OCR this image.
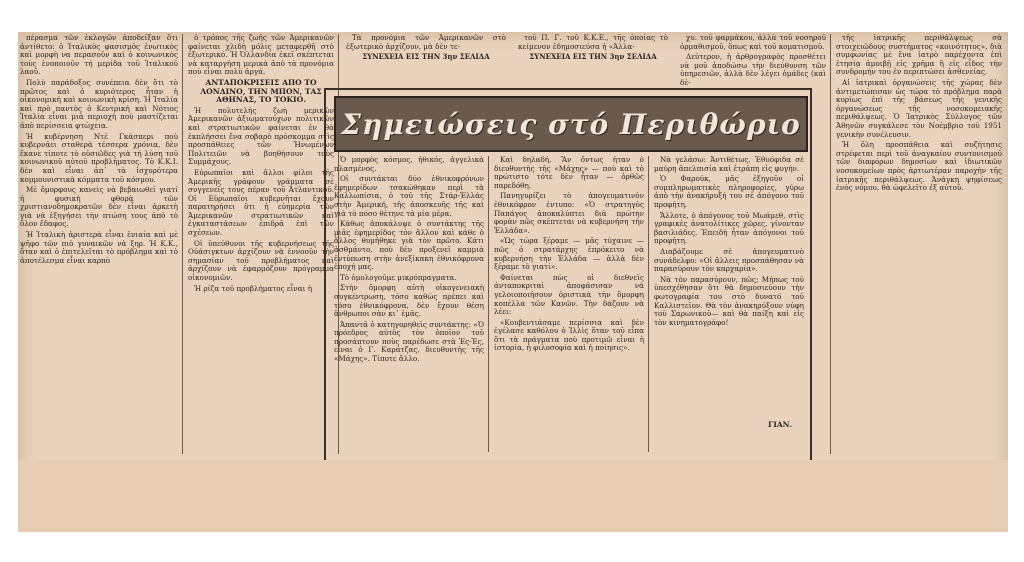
πέρασμα τῶν ἐκλογῶν ἀποδείξαν ὅτι ἀντίθετο: ὁ Ἰταλικὸς φασισμὸς ἐνωτικὸς καὶ μορφὴ να περασοῦν καὶ ὁ κοινωνικὸς τοὺς ἑνοποιοῦν τή μερίδα τοῦ Ἰταλικοῦ λαοῦ.

Πολὺ παράδοξος συνέπεια δὲν ὅτι τὸ πρῶτος καὶ ὁ κυριότερος ἦταν ἡ οἰκονομική καὶ κοινωνικὴ κρίση. Ἡ Ἰταλία καὶ πρὸ παντὸς ὁ Κεντρικὴ καὶ Νότιος Ἰταλία εἶναι μιὰ περιοχὴ ποὺ μαστίζεται ἀπὸ περίσσεια φτώχεια.

Ἡ κυβέρνηση Ντὲ Γκάσπερι ποὺ κυβερνᾶει σταθερὰ τέσσερα χρόνια, δὲν ἔκανε τίποτε τὸ οὐσιῶδες γιὰ τὴ λύση τοῦ κοινωνικοῦ αὐτοῦ προβλήματος. Τὸ Κ.Κ.Ι. δὲν καὶ εἶναι ἀπ᾽ τὰ ἰσχυρότερα κομμουνιστικὰ κόμματα τοῦ κόσμου.

Μὲ ὅμορφους κανεὶς νὰ βεβαιωθεῖ γιατί ἡ φυσικὴ φθορὰ τῶν χριστιανοδημοκρατῶν δὲν εἶναι ἀρκετὴ γιὰ νὰ ἐξηγήσει τὴν πτώση τους ἀπὸ τὸ ὅλον ἔδαφος.

Ἡ Ἰταλικὴ ἀριστερὰ εἶναι ἑνιαία καὶ μὲ ψῆφο τῶν πιὸ γυναικῶν νὰ ξηρ. Ἡ Κ.Κ., ὅταν καὶ ὁ ἐπιτελεῖται τὸ πρόβλημα καὶ τὸ ἀποτέλεσμα εἶναι καρπὸ

ὁ τρόπος τῆς ζωῆς τῶν Ἀμερικανῶν φαίνεται χλιδὴ μόλις μεταφερθῆ στὸ ἐξωτερικό. Ἡ Ὀλλανδία ἐκεῖ σκέπτεται νὰ καταργήση μερικὰ ἀπὸ τὰ προνόμια ποὺ εἶναι πολὺ ἀργά.

ΑΝΤΑΠΟΚΡΙΣΕΙΣ ΑΠΟ ΤΟ ΛΟΝΔΙΝΟ, ΤΗΝ ΜΠΟΝ, ΤΑΣ ΑΘΗΝΑΣ, ΤΟ ΤΟΚΙΟ.

Ἡ πολυτελὴς ζωὴ μερικῶν Ἀμερικανῶν ἀξιωματούχων πολιτικῶν καὶ στρατιωτικῶν φαίνεται ἐν θὰ ἐκπλήσσει ἕνα σοβαρὸ πρόσκομμα στὶς προσπάθειες τῶν Ἡνωμένων Πολιτειῶν νὰ βοηθήσουν τοὺς Συμμάχους.

Εὐρωπαῖοι καὶ ἄλλοι φίλοι τῆς Ἀμερικῆς γράφουν γράμματα σὲ συγγενεῖς τους πέραν τοῦ Ἀτλαντικοῦ. Οἱ Εὐρωπαῖοι κυβερνῆται ἔχουν παρατηρήσει ὅτι ἡ εὐημερία τῶν Ἀμερικανῶν στρατιωτικῶν καὶ ἐγκαταστάσεων ἐπιδρᾶ ἐπὶ τῶν σχέσεων.

Οἱ ὑπεύθυνοι τῆς κυβερνήσεως τῆς Οὐάσιγκτων ἀρχίζουν νὰ ἐννοοῦν τὴν σημασίαν τοῦ προβλήματος καὶ ἀρχίζουν νὰ ἐφαρμόζουν πρόγραμμα οἰκονομιῶν.

Ἡ ρίζα τοῦ προβλήματος εἶναι ἡ

Τὰ προνόμια τῶν Ἀμερικανῶν στὸ ἐξωτερικὸ ἀρχίζουν, μὰ δὲν τε-

ΣΥΝΕΧΕΙΑ ΕΙΣ ΤΗΝ 3ην ΣΕΛΙΔΑ

τοῦ Π. Γ. τοῦ Κ.Κ.Ε., τῆς ὁποίας τὸ κείμενον ἐδημοσιεύσα ἡ «Ἀλλα-

ΣΥΝΕΧΕΙΑ ΕΙΣ ΤΗΝ 3ην ΣΕΛΙΔΑ

Σημειώσεις στό Περιθώριο

Ὁ μορφὸς κόσμος, ἠθικός, ἀγγελικὰ πλασμένος.

Οἱ συντάκται δύο ἐθνικοφρόνων ἐφημερίδων τσακώθηκαν περὶ τὰ Καλλωπίσια, ὁ τοῦ τῆς Στάρ-Ἑλλάς στὴν Ἀμερική, τῆς ἀποσκευῆς τῆς καὶ γιὰ τὸ πόσο θέτηνε τὰ μία μέρα.

Κάθως ἀποκάλυψε ὁ συντάκτης τῆς μιᾶς ἐφημερίδος τὸν ἄλλον καὶ κάθε ὁ ἄλλος θυμήθηκε γιὰ τὸν πρῶτο. Κάτι ἀσθμάντο, ποὺ δὲν προξενεῖ καμμιὰ ἐντύπωση στὴν ἀνεξίκακη ἐθνικόφρονα ἐποχή μας.

Τὸ ὁμολογοῦμε μικρόπραγματα.

Στὴν ὄμορφη αὐτὴ οἰκογενειακὴ συγκέντρωση, τόσο καθὼς πρέπει καὶ τόσο ἐθνικόφρονα, δὲν ἔχουν θέση ἄνθρωποι σὰν κι᾽ ἐμᾶς.

Ἀπαντᾶ ὁ κατηγορηθεὶς συντάκτης: «Ὁ πρόεδρος αὐτὸς τὸν ὁποῖον τοῦ προσάπτουν ποὺς παρέδωσε στὰ Ἐς-Ἐς, εἶναι ὁ Γ. Καράτζας, διευθυντὴς τῆς «Μάχης». Τίποτε ἄλλο.

Καὶ δηλαδή. Ἂν ὄντως ἦταν ὁ διευθυντὴς τῆς «Μάχης» — ποὺ καὶ τὸ πρώτιστο τότε δὲν ἦταν — ὁρθῶς παρεδόθη.

Πανηγυρίζει τὸ ἀπογευματινὸν ἐθνικόφρον ἐντυπο: «Ὁ στρατηγὸς Παπάγος ἀποκαλύπτει διὰ πρώτην φορὰν πῶς σκέπτεται νὰ κυβερνήση τὴν Ἑλλάδα».

«Ὡς τώρα ξέραμε — μᾶς τύχαινε — πῶς ὁ στρατάρχης ἐπρόκειτο νὰ κυβερνήση τὴν Ἑλλάδα — ἀλλὰ δὲν ξέραμε τὸ γιατί».

Φαίνεται πὼς οἱ διεθνεῖς ἀνταποκριταὶ ἀποφάσισαν νὰ γελοιοποιήσουν ὁριστικὰ τὴν ὄμορφη κοπέλλα τῶν Κανῶν. Τὴν δάζουν νὰ λέει:

«Κουβεντιάσαμε περίσσια καὶ δὲν ἐγέλασε καθόλου ὁ Ἰλλὶς ὅταν τοῦ εἶπα ὅτι τὰ πράγματα ποὺ προτιμῶ εἶναι ἡ ἱστορία, ἡ φιλοσοφία καὶ ἡ ποίησις».

Νὰ γελάσω: Ἀντιθέτως. Ἐθυόφιδα σὲ μαύρη ἀπελπισία καὶ ἐτράπη εἰς φυγήν.

Ὁ Φαρούκ, μᾶς ἐξηγοῦν οἱ συμπληρωματικὲς πληροφορίες, γύρω ἀπὸ τὴν ἀνακήρυξή του σὲ ἀπόγονο τοῦ προφήτη.

Ἄλλοτε, ὁ ἀπόγονος τοῦ Μωάμεθ, στὶς γραφικὲς ἀνατολίτικες χῶρες, γίνονταν βασιλιάδες. Ἐπειδὴ ἦταν ἀπόγονοι τοῦ προφήτη.

Διαβάζουμε σὲ ἀπογευματινὸ συνάδελφο: «Οἱ ἄλλεις προσπάθησαν νὰ παρασύρουν τὸν καρχαρία».

Νὰ τὸν παρασύρουν, πῶς; Μήπως τοῦ ὑπεσχέθησαν ὅτι θὰ δημοσιεύουν τὴν φωτογραφία του στὸ δυνατό τοῦ Καλλιστεῖον. Θὰ τὸν ἀνακηρύξουν νύφη τοῦ Σαρωνικοῦ— καὶ θὰ παίξη καὶ εἰς τὸν κινηματογράφο!

ΓΙΑΝ.

χυ. τοῦ φαρμάκου, ἀλλὰ τοῦ νοσηροῦ ὀρμαθισμοῦ, ὅπως καὶ τοῦ κοματισμοῦ.

Δεύτερον, ἡ ἀρθρογραφὸς προσθέτει νὰ μοῦ ἀποδώσω τὴν διεύθυνση τῶν ὑπηρεσιῶν, ἀλλὰ δὲν λέγει ὁμάδες (καὶ δὲ-

τῆς ἰατρικῆς περιθάλψεως σὰ στοιχειῶδους συστήματος «κοινότητος», διὰ συμφωνίας μὲ ἕνα ἰατρὸ παρέχοντα ἐπὶ ἐτησίᾳ ἀμοιβῇ εἰς χρῆμα ἢ εἰς εἶδος τὴν συνδρομὴν του ἐν περιπτώσει ἀσθενείας.

Αἱ ἰατρικαὶ ὀργανώσεις τῆς χώρας δὲν ἀντιμετώπισαν ὡς τώρα τὸ πρόβλημα παρὰ κυρίως ἐπὶ τῆς βάσεως τῆς γενικῆς ὀργανώσεως τῆς νοσοκομειακῆς περιθάλψεως. Ὁ Ἰατρικὸς Σύλλογος τῶν Ἀθηνῶν συγκάλεσε τὸν Νοέμβριο τοῦ 1951 γενικὴν συνέλευσιν.

Ἡ ὅλη προσπάθεια καὶ συζήτησις στρέφεται περὶ τοῦ ἀναγκαίου συντονισμοῦ τῶν διαφόρων δημοσίων καὶ ἰδιωτικῶν νοσοκομείων πρὸς ἀρτιωτέραν παροχὴν τῆς ἰατρικῆς περιθάλψεως. Ἀνάγκη ψηφίσεως ἑνὸς νόμου, θὰ ὠφελεῖτο ἐξ αὐτοῦ.
